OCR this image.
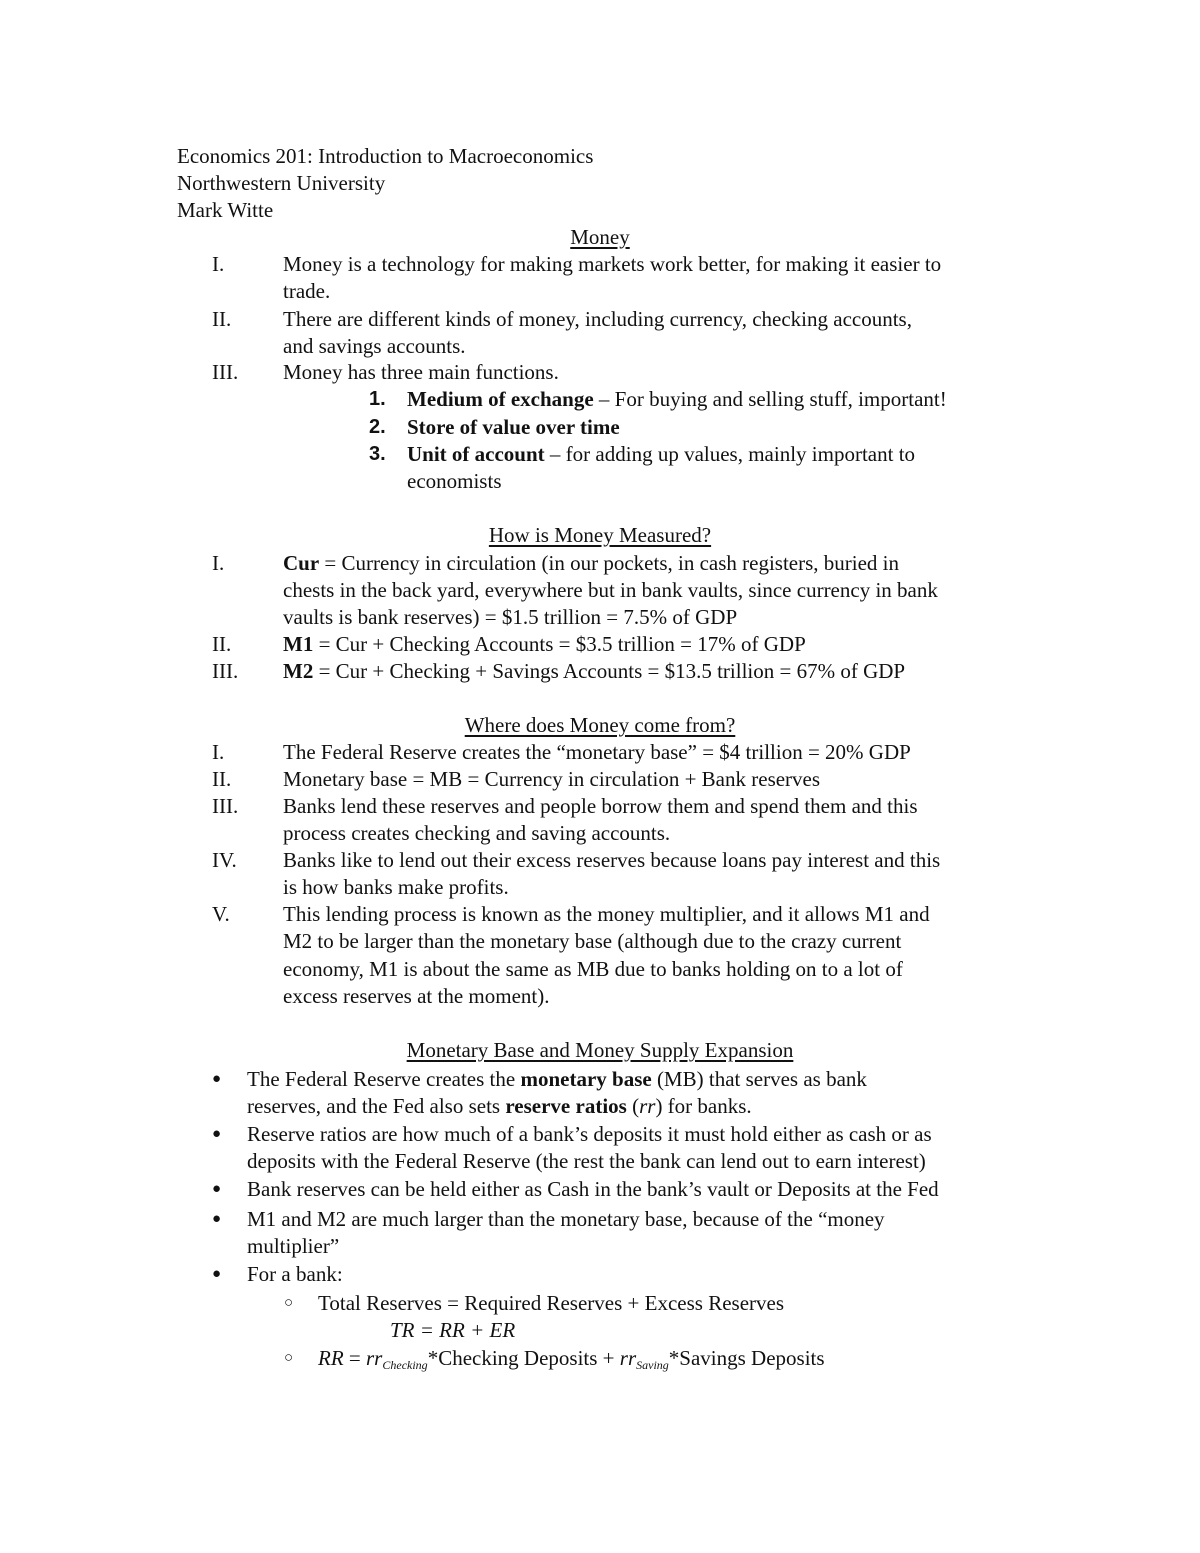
Economics 201: Introduction to Macroeconomics
Northwestern University
Mark Witte
Money
I.	Money is a technology for making markets work better, for making it easier to
trade.
II. There are different kinds of money, including currency, checking accounts,
and savings accounts.
III. Money has three main functions.
1. Medium of exchange – For buying and selling stuff, important!
2. Store of value over time
3. Unit of account – for adding up values, mainly important to
economists
How is Money Measured?
I.	Cur = Currency in circulation (in our pockets, in cash registers, buried in
chests in the back yard, everywhere but in bank vaults, since currency in bank
vaults is bank reserves) = $1.5 trillion = 7.5% of GDP
II. M1 = Cur + Checking Accounts = $3.5 trillion = 17% of GDP
III. M2 = Cur + Checking + Savings Accounts = $13.5 trillion = 67% of GDP
Where does Money come from?
I.	The Federal Reserve creates the “monetary base” = $4 trillion = 20% GDP
II. Monetary base = MB = Currency in circulation + Bank reserves
III. Banks lend these reserves and people borrow them and spend them and this
process creates checking and saving accounts.
IV. Banks like to lend out their excess reserves because loans pay interest and this
is how banks make profits.
V.	This lending process is known as the money multiplier, and it allows M1 and
M2 to be larger than the monetary base (although due to the crazy current
economy, M1 is about the same as MB due to banks holding on to a lot of
excess reserves at the moment).
Monetary Base and Money Supply Expansion
● The Federal Reserve creates the monetary base (MB) that serves as bank
reserves, and the Fed also sets reserve ratios (rr) for banks.
● Reserve ratios are how much of a bank’s deposits it must hold either as cash or as
deposits with the Federal Reserve (the rest the bank can lend out to earn interest)
● Bank reserves can be held either as Cash in the bank’s vault or Deposits at the Fed
● M1 and M2 are much larger than the monetary base, because of the “money
multiplier”
● For a bank:
○ Total Reserves = Required Reserves + Excess Reserves
TR = RR + ER
○ RR = $rr_{Checking}*Checking$ Deposits + $rr_{Saving}*Savings$ Deposits
